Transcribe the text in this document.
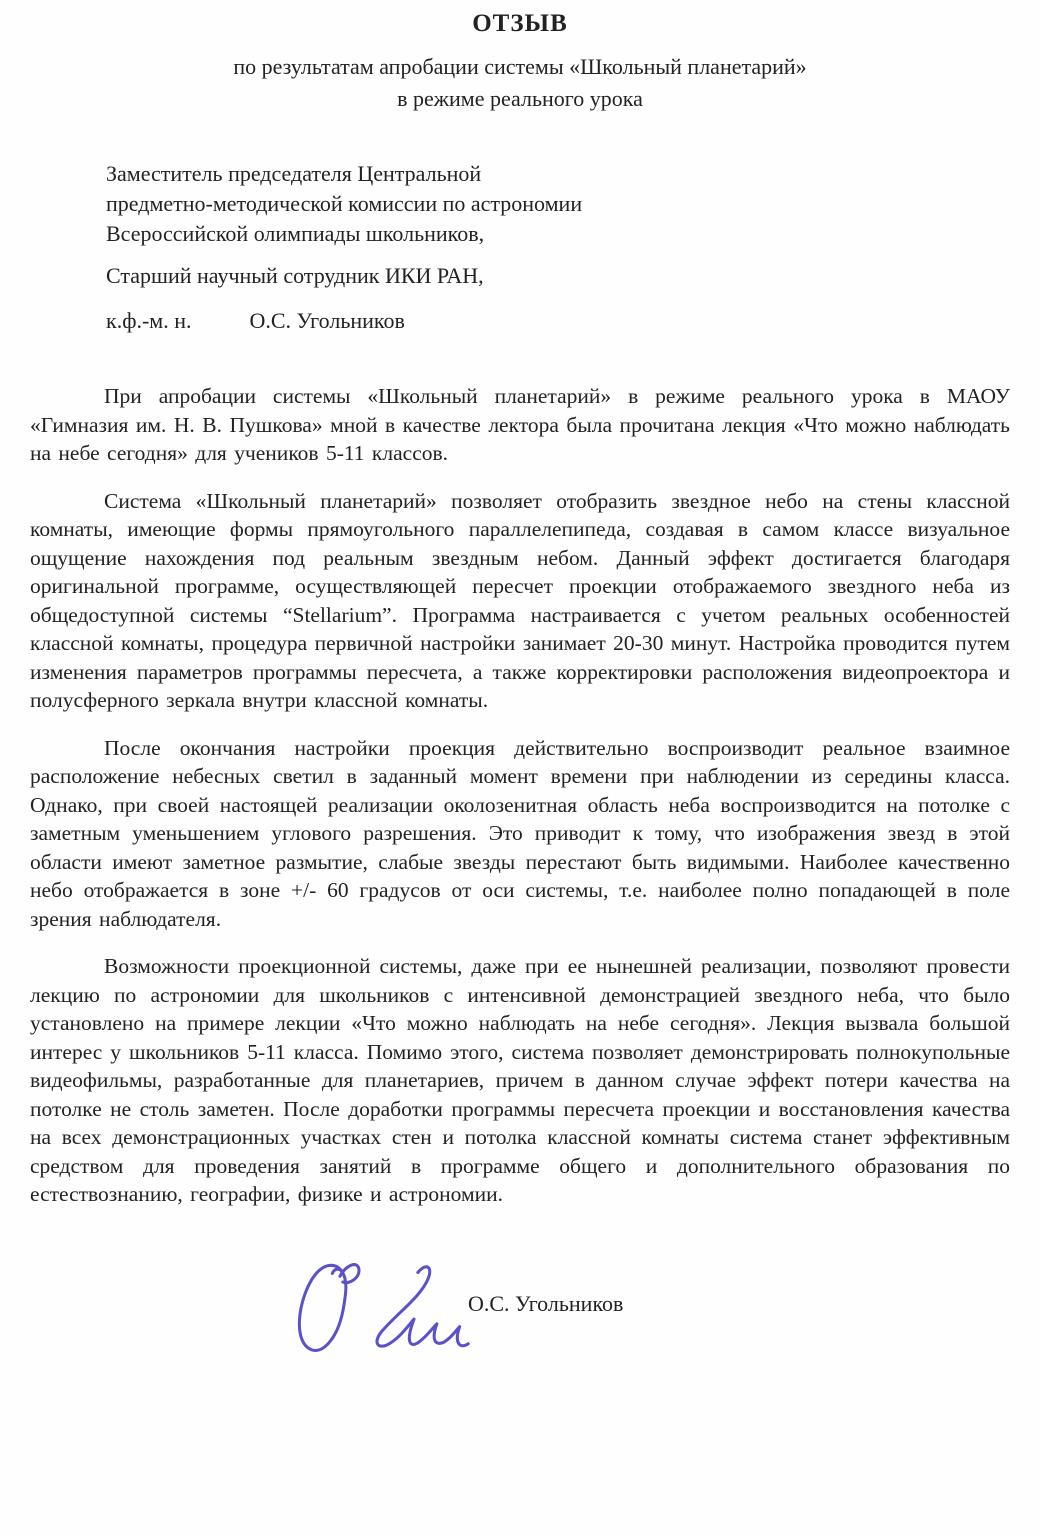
ОТЗЫВ
по результатам апробации системы «Школьный планетарий»
в режиме реального урока
Заместитель председателя Центральной
предметно-методической комиссии по астрономии
Всероссийской олимпиады школьников,
Старший научный сотрудник ИКИ РАН,
к.ф.-м. н.	О.С. Угольников

При апробации системы «Школьный планетарий» в режиме реального урока в МАОУ «Гимназия им. Н. В. Пушкова» мной в качестве лектора была прочитана лекция «Что можно наблюдать на небе сегодня» для учеников 5-11 классов.

Система «Школьный планетарий» позволяет отобразить звездное небо на стены классной комнаты, имеющие формы прямоугольного параллелепипеда, создавая в самом классе визуальное ощущение нахождения под реальным звездным небом. Данный эффект достигается благодаря оригинальной программе, осуществляющей пересчет проекции отображаемого звездного неба из общедоступной системы “Stellarium”. Программа настраивается с учетом реальных особенностей классной комнаты, процедура первичной настройки занимает 20-30 минут. Настройка проводится путем изменения параметров программы пересчета, а также корректировки расположения видеопроектора и полусферного зеркала внутри классной комнаты.

После окончания настройки проекция действительно воспроизводит реальное взаимное расположение небесных светил в заданный момент времени при наблюдении из середины класса. Однако, при своей настоящей реализации околозенитная область неба воспроизводится на потолке с заметным уменьшением углового разрешения. Это приводит к тому, что изображения звезд в этой области имеют заметное размытие, слабые звезды перестают быть видимыми. Наиболее качественно небо отображается в зоне +/- 60 градусов от оси системы, т.е. наиболее полно попадающей в поле зрения наблюдателя.

Возможности проекционной системы, даже при ее нынешней реализации, позволяют провести лекцию по астрономии для школьников с интенсивной демонстрацией звездного неба, что было установлено на примере лекции «Что можно наблюдать на небе сегодня». Лекция вызвала большой интерес у школьников 5-11 класса. Помимо этого, система позволяет демонстрировать полнокупольные видеофильмы, разработанные для планетариев, причем в данном случае эффект потери качества на потолке не столь заметен. После доработки программы пересчета проекции и восстановления качества на всех демонстрационных участках стен и потолка классной комнаты система станет эффективным средством для проведения занятий в программе общего и дополнительного образования по естествознанию, географии, физике и астрономии.

О.С. Угольников
